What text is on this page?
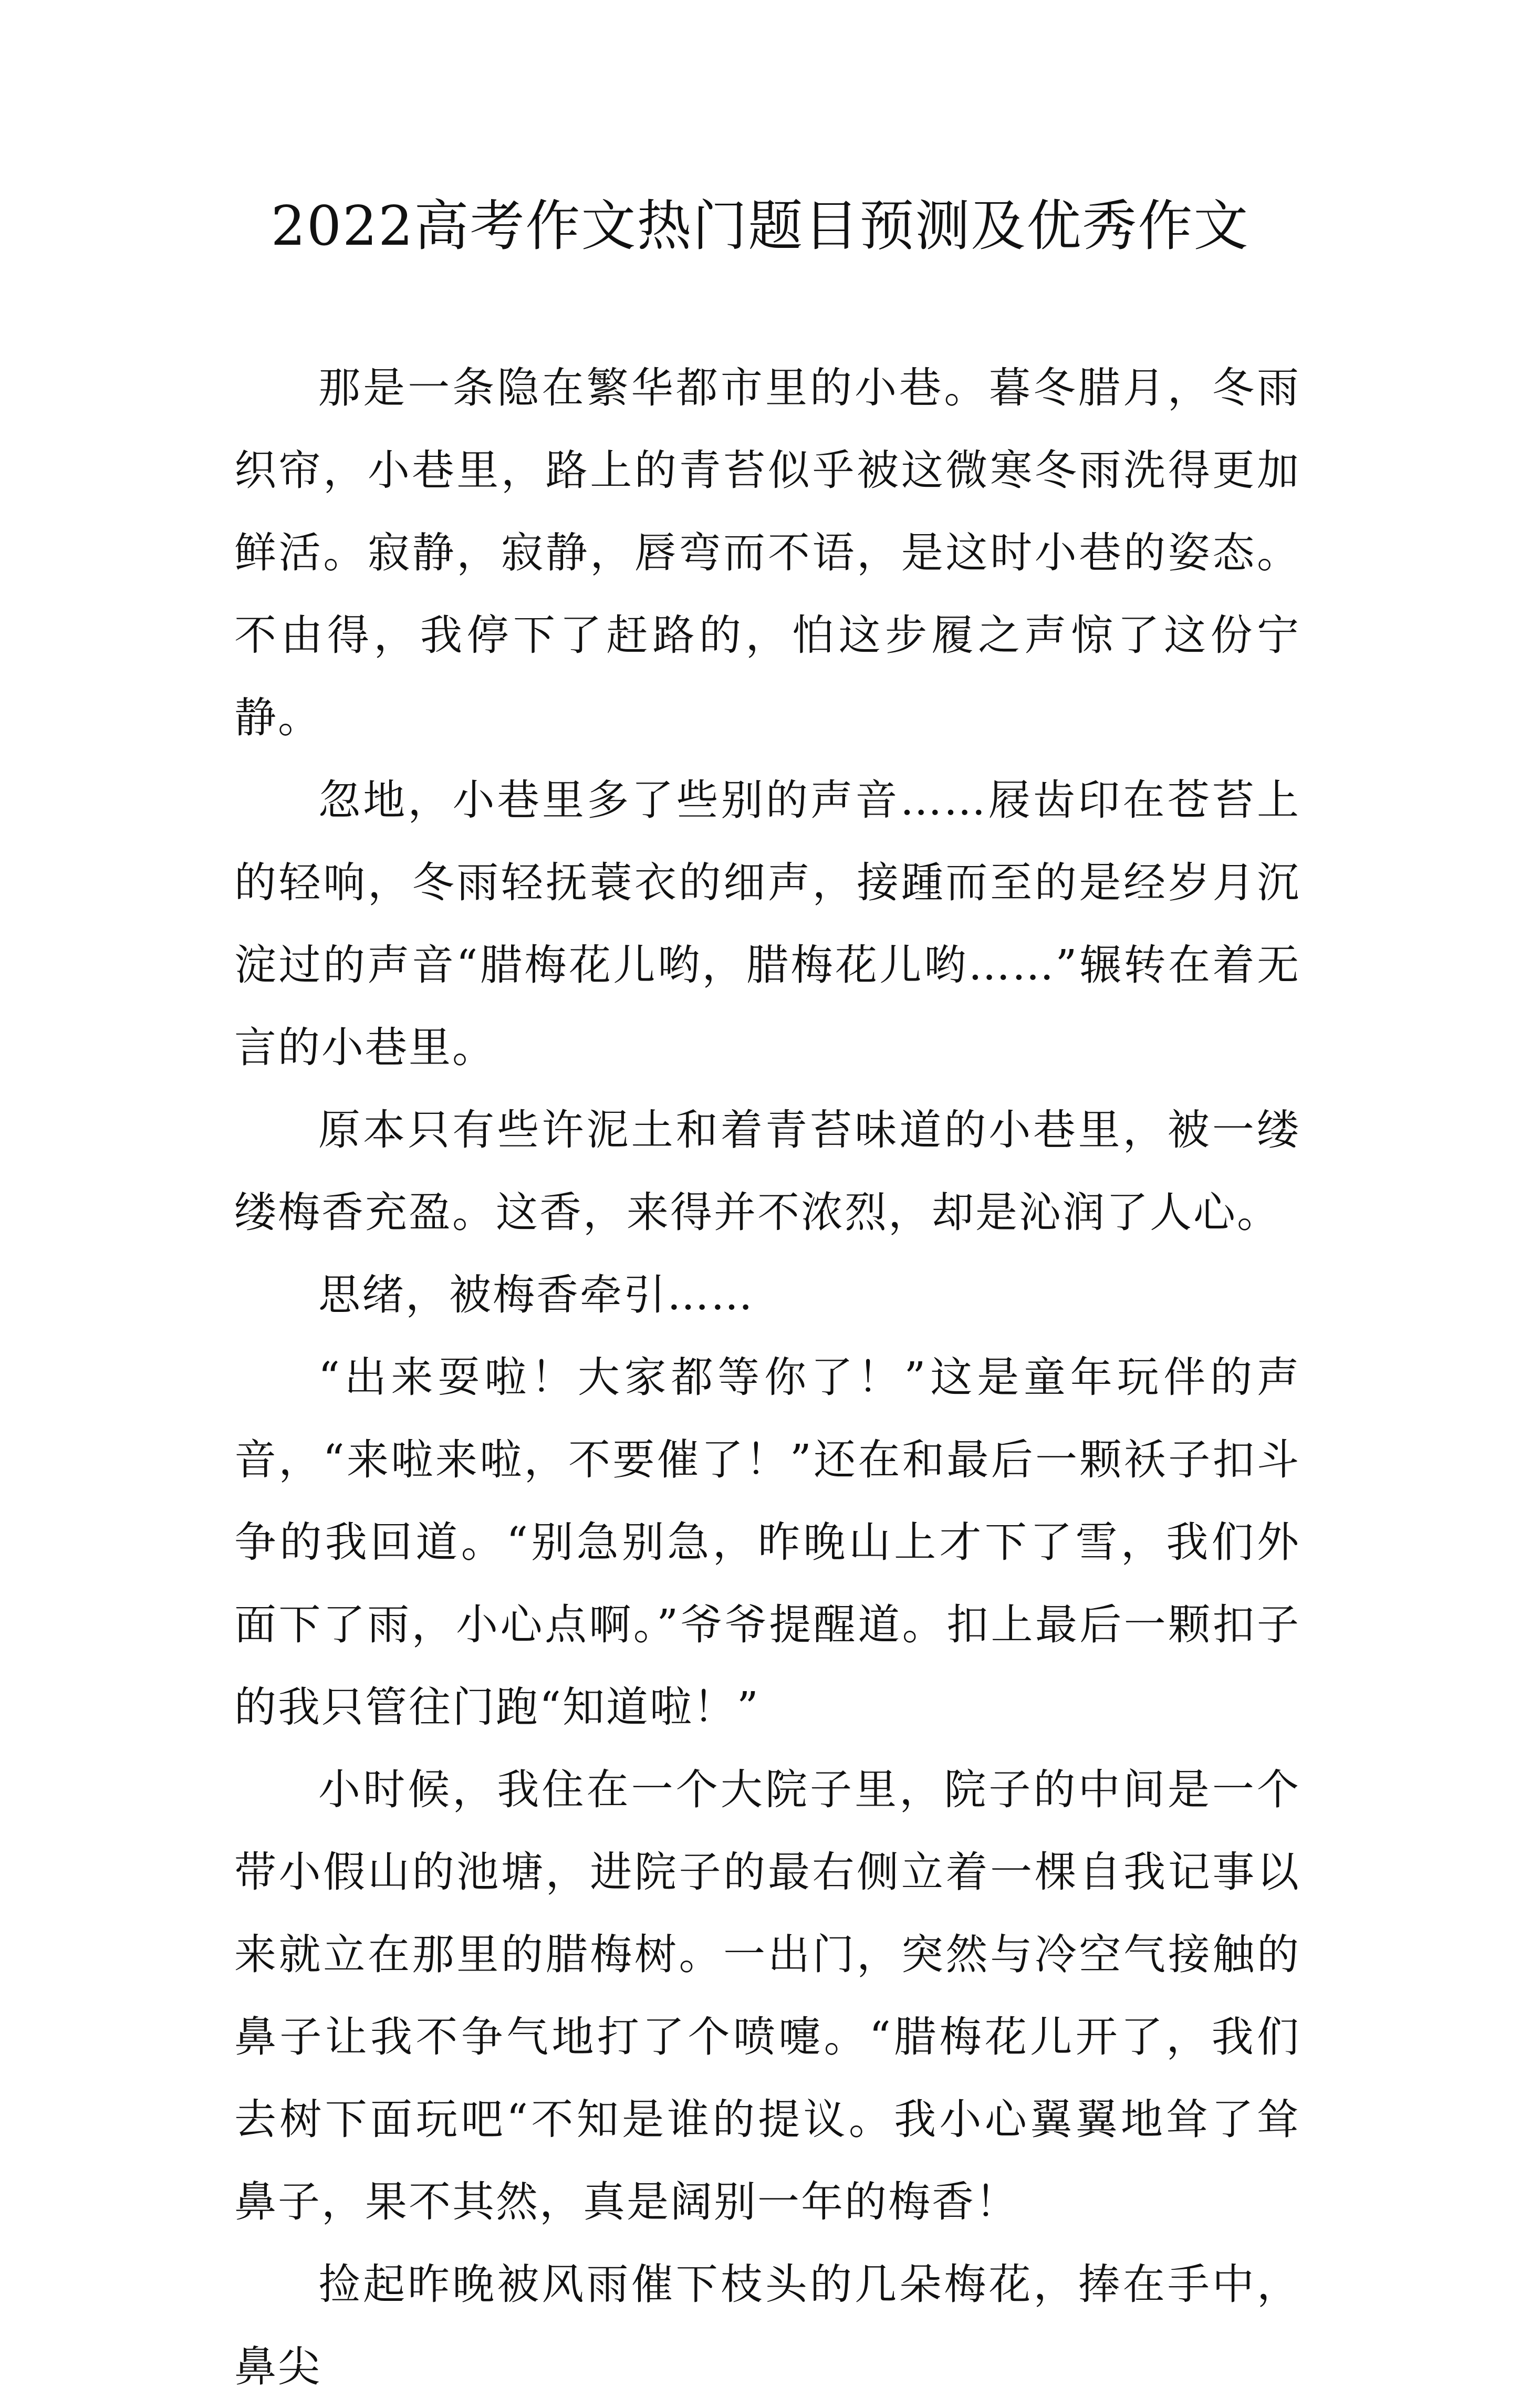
2022高考作文热门题目预测及优秀作文

那是一条隐在繁华都市里的小巷。暮冬腊月，冬雨织帘，小巷里，路上的青苔似乎被这微寒冬雨洗得更加鲜活。寂静，寂静，唇弯而不语，是这时小巷的姿态。不由得，我停下了赶路的，怕这步履之声惊了这份宁静。

忽地，小巷里多了些别的声音……屐齿印在苍苔上的轻响，冬雨轻抚蓑衣的细声，接踵而至的是经岁月沉淀过的声音“腊梅花儿哟，腊梅花儿哟……”辗转在着无言的小巷里。

原本只有些许泥土和着青苔味道的小巷里，被一缕缕梅香充盈。这香，来得并不浓烈，却是沁润了人心。

思绪，被梅香牵引……

“出来耍啦！大家都等你了！”这是童年玩伴的声音，“来啦来啦，不要催了！”还在和最后一颗袄子扣斗争的我回道。“别急别急，昨晚山上才下了雪，我们外面下了雨，小心点啊。”爷爷提醒道。扣上最后一颗扣子的我只管往门跑“知道啦！”

小时候，我住在一个大院子里，院子的中间是一个带小假山的池塘，进院子的最右侧立着一棵自我记事以来就立在那里的腊梅树。一出门，突然与冷空气接触的鼻子让我不争气地打了个喷嚏。“腊梅花儿开了，我们去树下面玩吧“不知是谁的提议。我小心翼翼地耸了耸鼻子，果不其然，真是阔别一年的梅香！

捡起昨晚被风雨催下枝头的几朵梅花，捧在手中，鼻尖
